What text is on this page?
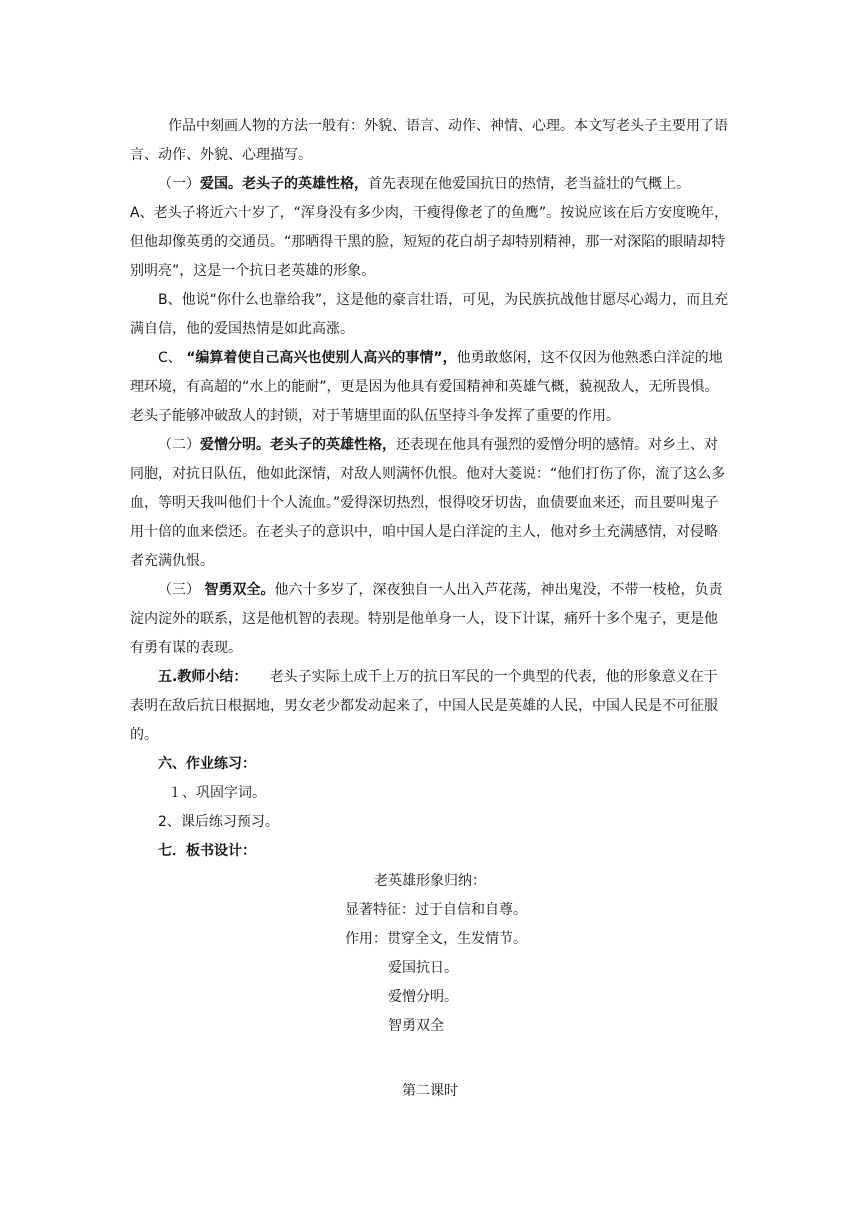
作品中刻画人物的方法一般有：外貌、语言、动作、神情、心理。本文写老头子主要用了语言、动作、外貌、心理描写。

（一）爱国。老头子的英雄性格，首先表现在他爱国抗日的热情，老当益壮的气概上。

A、老头子将近六十岁了，“浑身没有多少肉，干瘦得像老了的鱼鹰”。按说应该在后方安度晚年，但他却像英勇的交通员。“那晒得干黑的脸，短短的花白胡子却特别精神，那一对深陷的眼睛却特别明亮”，这是一个抗日老英雄的形象。

B、他说“你什么也靠给我”，这是他的豪言壮语，可见，为民族抗战他甘愿尽心竭力，而且充满自信，他的爱国热情是如此高涨。

C、 “编算着使自己高兴也使别人高兴的事情”，他勇敢悠闲，这不仅因为他熟悉白洋淀的地理环境，有高超的“水上的能耐”，更是因为他具有爱国精神和英雄气概，藐视敌人，无所畏惧。老头子能够冲破敌人的封锁，对于苇塘里面的队伍坚持斗争发挥了重要的作用。

（二）爱憎分明。老头子的英雄性格，还表现在他具有强烈的爱憎分明的感情。对乡土、对同胞，对抗日队伍，他如此深情，对敌人则满怀仇恨。他对大菱说：“他们打伤了你，流了这么多血，等明天我叫他们十个人流血。”爱得深切热烈，恨得咬牙切齿，血债要血来还，而且要叫鬼子用十倍的血来偿还。在老头子的意识中，咱中国人是白洋淀的主人，他对乡土充满感情，对侵略者充满仇恨。

（三） 智勇双全。他六十多岁了，深夜独自一人出入芦花荡，神出鬼没，不带一枝枪，负责淀内淀外的联系，这是他机智的表现。特别是他单身一人，设下计谋，痛歼十多个鬼子，更是他有勇有谋的表现。

五.教师小结： 老头子实际上成千上万的抗日军民的一个典型的代表，他的形象意义在于表明在敌后抗日根据地，男女老少都发动起来了，中国人民是英雄的人民，中国人民是不可征服的。

六、作业练习：

１、巩固字词。

2、课后练习预习。

七．板书设计：

老英雄形象归纳：

显著特征：过于自信和自尊。

作用：贯穿全文，生发情节。

爱国抗日。

爱憎分明。

智勇双全

第二课时
